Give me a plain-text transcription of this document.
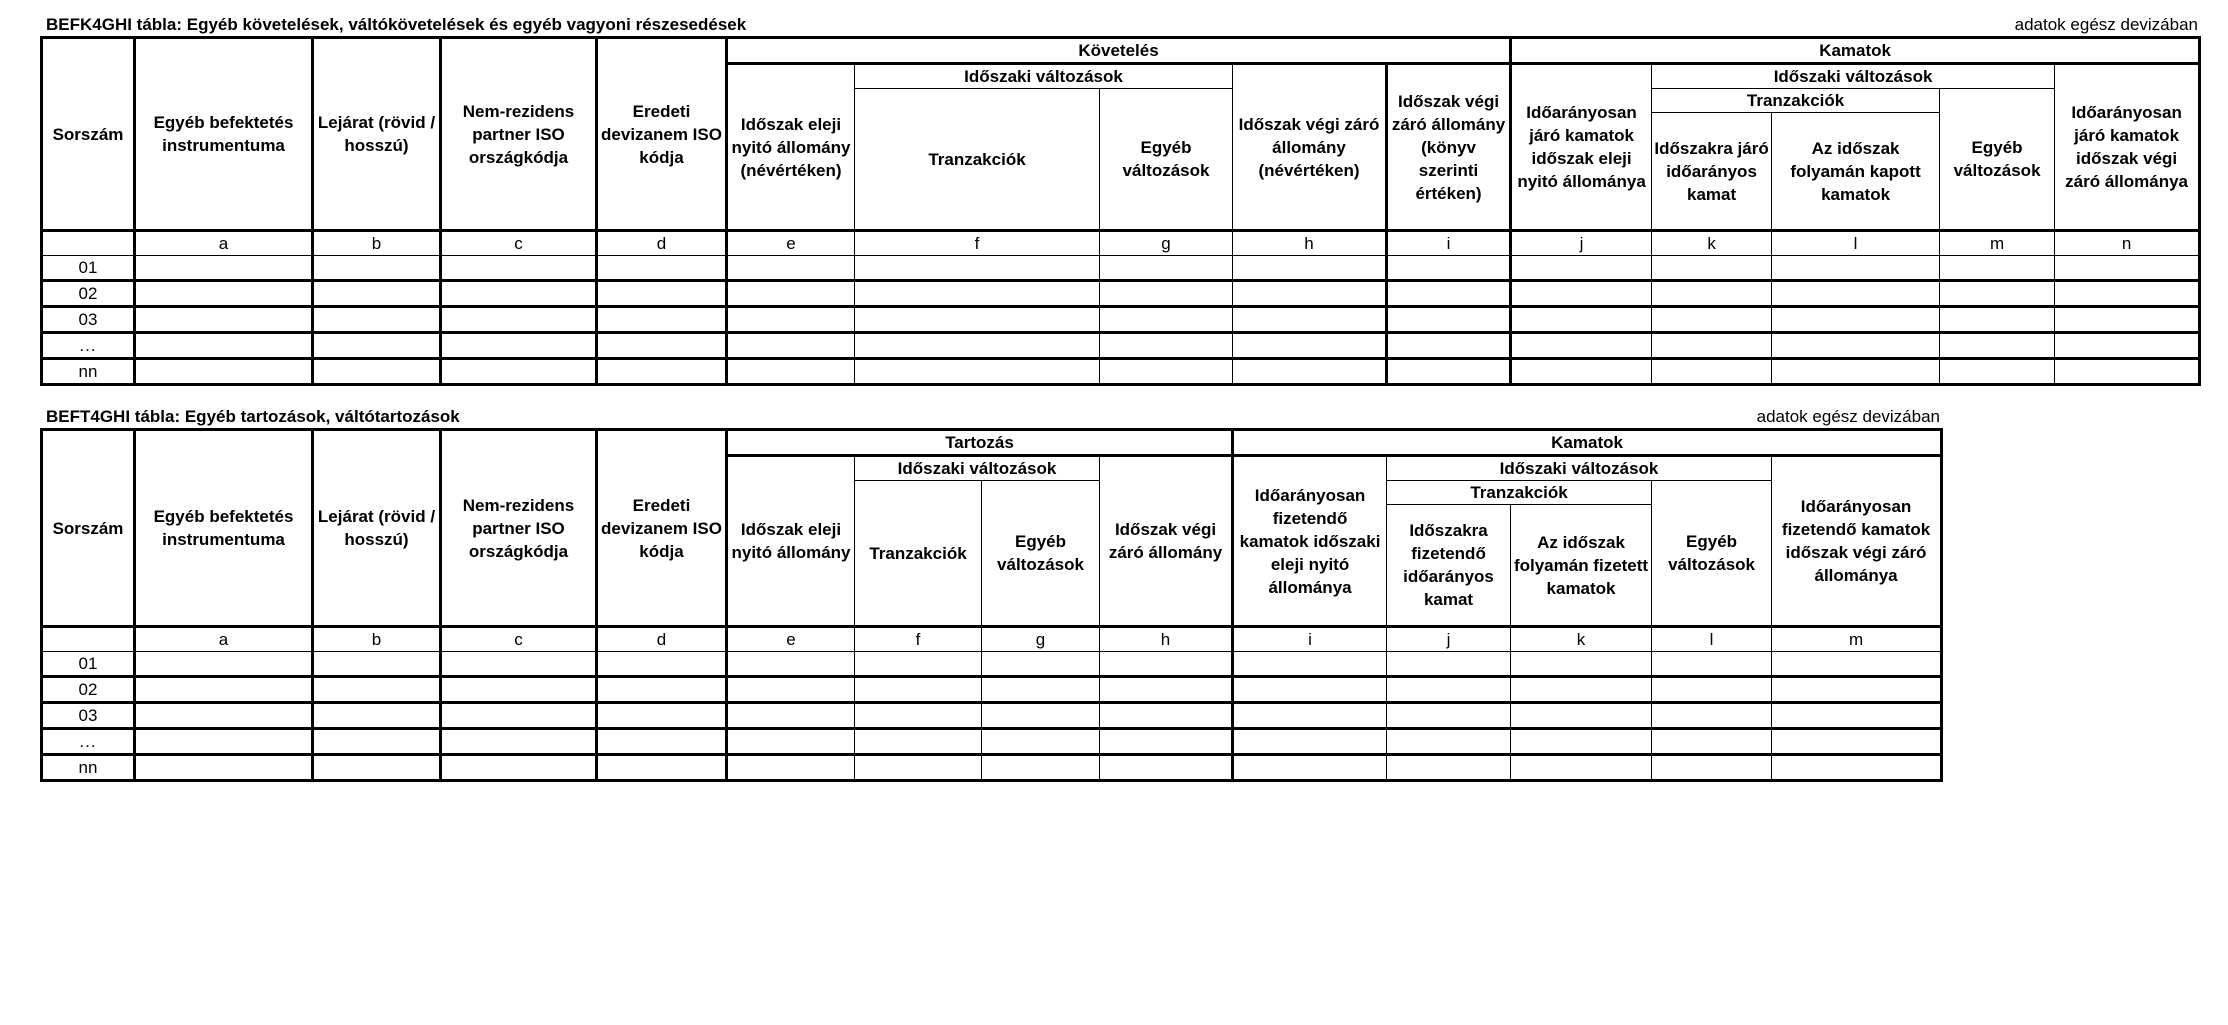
BEFK4GHI tábla: Egyéb követelések, váltókövetelések és egyéb vagyoni részesedések	adatok egész devizában
Sorszám	Egyéb befektetés instrumentuma	Lejárat (rövid / hosszú)	Nem-rezidens partner ISO országkódja	Eredeti devizanem ISO kódja	Követelés					Kamatok				
					Időszak eleji nyitó állomány (névértéken)	Időszaki változások		Időszak végi záró állomány (névértéken)	Időszak végi záró állomány (könyv szerinti értéken)	Időarányosan járó kamatok időszak eleji nyitó állománya	Időszaki változások			Időarányosan járó kamatok időszak végi záró állománya
						Tranzakciók	Egyéb változások				Tranzakciók		Egyéb változások	
											Időszakra járó időarányos kamat	Az időszak folyamán kapott kamatok		
	a	b	c	d	e	f	g	h	i	j	k	l	m	n
01														
02														
03														
...														
nn														
BEFT4GHI tábla: Egyéb tartozások, váltótartozások	adatok egész devizában
Sorszám	Egyéb befektetés instrumentuma	Lejárat (rövid / hosszú)	Nem-rezidens partner ISO országkódja	Eredeti devizanem ISO kódja	Tartozás				Kamatok				
					Időszak eleji nyitó állomány	Időszaki változások		Időszak végi záró állomány	Időarányosan fizetendő kamatok időszaki eleji nyitó állománya	Időszaki változások			Időarányosan fizetendő kamatok időszak végi záró állománya
						Tranzakciók	Egyéb változások			Tranzakciók		Egyéb változások	
										Időszakra fizetendő időarányos kamat	Az időszak folyamán fizetett kamatok		
	a	b	c	d	e	f	g	h	i	j	k	l	m
01													
02													
03													
...													
nn													
